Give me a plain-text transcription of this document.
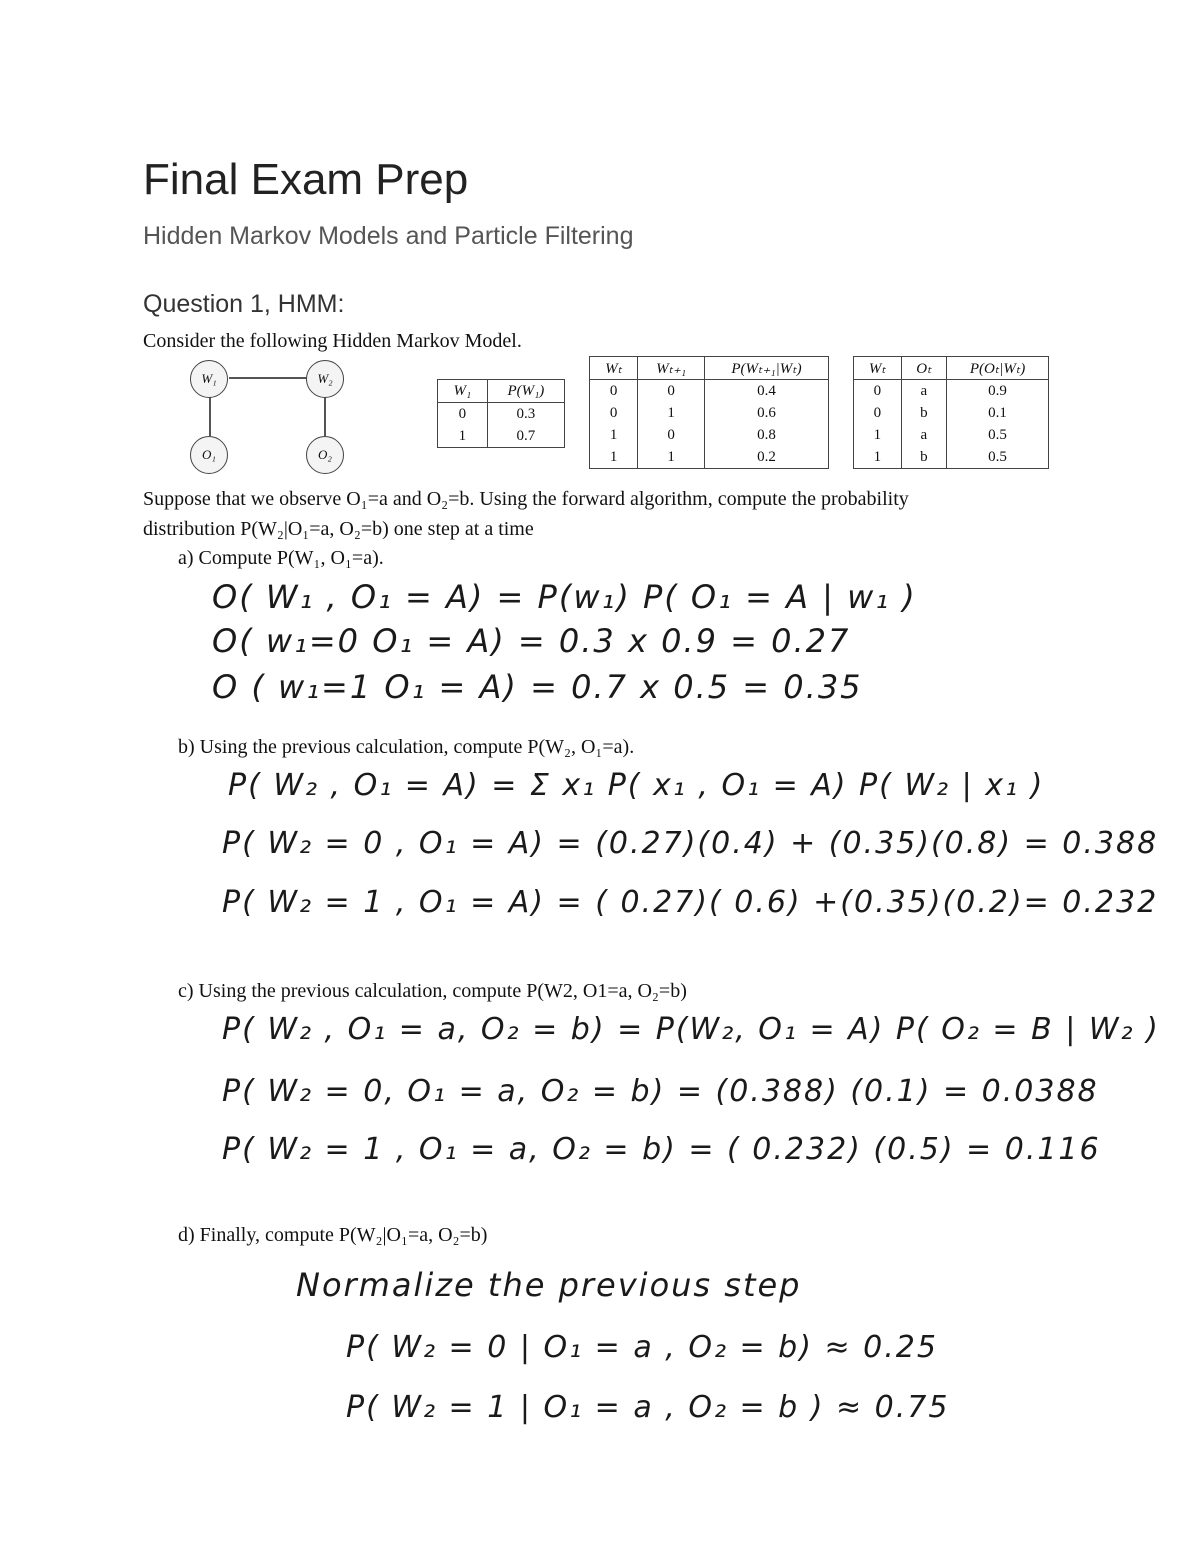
Final Exam Prep
Hidden Markov Models and Particle Filtering
Question 1, HMM:
Consider the following Hidden Markov Model.
W₁	W₂
O₁	O₂
W₁	P(W₁)
0	0.3
1	0.7
Wₜ	Wₜ₊₁	P(Wₜ₊₁|Wₜ)
0	0	0.4
0	1	0.6
1	0	0.8
1	1	0.2
Wₜ	Oₜ	P(Oₜ|Wₜ)
0	a	0.9
0	b	0.1
1	a	0.5
1	b	0.5
Suppose that we observe O₁=a and O₂=b. Using the forward algorithm, compute the probability
distribution P(W₂|O₁=a, O₂=b) one step at a time
a) Compute P(W₁, O₁=a).
O( W₁ , O₁ = A) = P(w₁) P( O₁ = A | w₁ )
O( w₁=0 O₁ = A) = 0.3 x 0.9 = 0.27
O ( w₁=1 O₁ = A) = 0.7 x 0.5 = 0.35
b) Using the previous calculation, compute P(W₂, O₁=a).
P( W₂ , O₁ = A) = Σ x₁ P( x₁ , O₁ = A) P( W₂ | x₁ )
P( W₂ = 0 , O₁ = A) = (0.27)(0.4) + (0.35)(0.8) = 0.388
P( W₂ = 1 , O₁ = A) = ( 0.27)( 0.6) +(0.35)(0.2)= 0.232
c) Using the previous calculation, compute P(W2, O1=a, O₂=b)
P( W₂ , O₁ = a, O₂ = b) = P(W₂, O₁ = A) P( O₂ = B | W₂ )
P( W₂ = 0, O₁ = a, O₂ = b) = (0.388) (0.1) = 0.0388
P( W₂ = 1 , O₁ = a, O₂ = b) = ( 0.232) (0.5) = 0.116
d) Finally, compute P(W₂|O₁=a, O₂=b)
Normalize the previous step
P( W₂ = 0 | O₁ = a , O₂ = b) ≈ 0.25
P( W₂ = 1 | O₁ = a , O₂ = b ) ≈ 0.75
